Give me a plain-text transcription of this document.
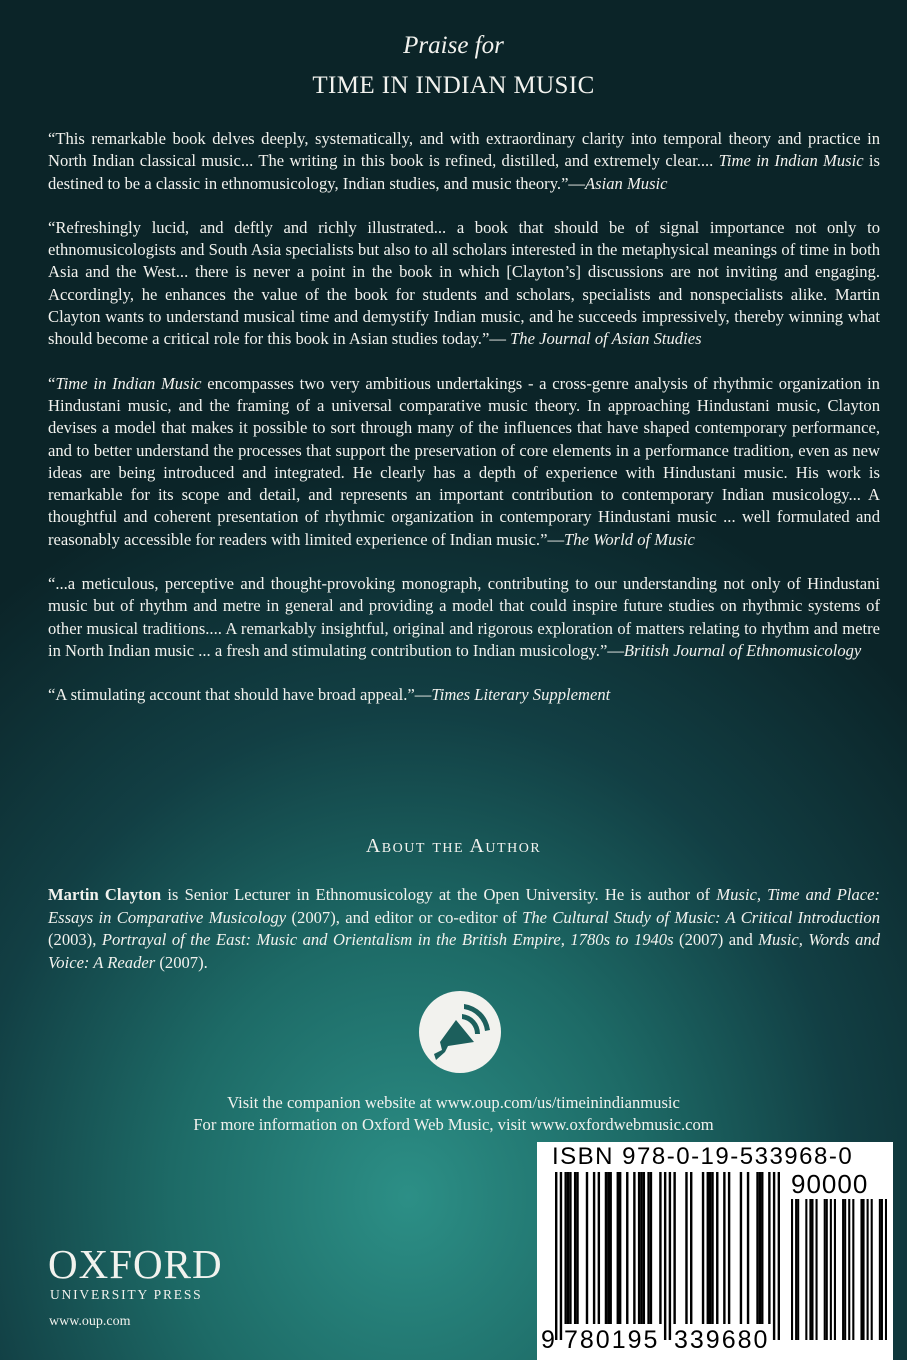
Praise for
TIME IN INDIAN MUSIC

“This remarkable book delves deeply, systematically, and with extraordinary clarity into temporal theory and practice in North Indian classical music... The writing in this book is refined, distilled, and extremely clear.... Time in Indian Music is destined to be a classic in ethnomusicology, Indian studies, and music theory.”—Asian Music

“Refreshingly lucid, and deftly and richly illustrated... a book that should be of signal importance not only to ethnomusicologists and South Asia specialists but also to all scholars interested in the metaphysical meanings of time in both Asia and the West... there is never a point in the book in which [Clayton’s] discussions are not inviting and engaging. Accordingly, he enhances the value of the book for students and scholars, specialists and nonspecialists alike. Martin Clayton wants to understand musical time and demystify Indian music, and he succeeds impressively, thereby winning what should become a critical role for this book in Asian studies today.”— The Journal of Asian Studies

“Time in Indian Music encompasses two very ambitious undertakings - a cross-genre analysis of rhythmic organization in Hindustani music, and the framing of a universal comparative music theory. In approaching Hindustani music, Clayton devises a model that makes it possible to sort through many of the influences that have shaped contemporary performance, and to better understand the processes that support the preservation of core elements in a performance tradition, even as new ideas are being introduced and integrated. He clearly has a depth of experience with Hindustani music. His work is remarkable for its scope and detail, and represents an important contribution to contemporary Indian musicology... A thoughtful and coherent presentation of rhythmic organization in contemporary Hindustani music ... well formulated and reasonably accessible for readers with limited experience of Indian music.”—The World of Music

“...a meticulous, perceptive and thought-provoking monograph, contributing to our understanding not only of Hindustani music but of rhythm and metre in general and providing a model that could inspire future studies on rhythmic systems of other musical traditions.... A remarkably insightful, original and rigorous exploration of matters relating to rhythm and metre in North Indian music ... a fresh and stimulating contribution to Indian musicology.”—British Journal of Ethnomusicology

“A stimulating account that should have broad appeal.”—Times Literary Supplement

About the Author
Martin Clayton is Senior Lecturer in Ethnomusicology at the Open University. He is author of Music, Time and Place: Essays in Comparative Musicology (2007), and editor or co-editor of The Cultural Study of Music: A Critical Introduction (2003), Portrayal of the East: Music and Orientalism in the British Empire, 1780s to 1940s (2007) and Music, Words and Voice: A Reader (2007).
Visit the companion website at www.oup.com/us/timeinindianmusic
For more information on Oxford Web Music, visit www.oxfordwebmusic.com
ISBN 978-0-19-533968-0
90000
9 780195 339680
OXFORD
UNIVERSITY PRESS
www.oup.com
